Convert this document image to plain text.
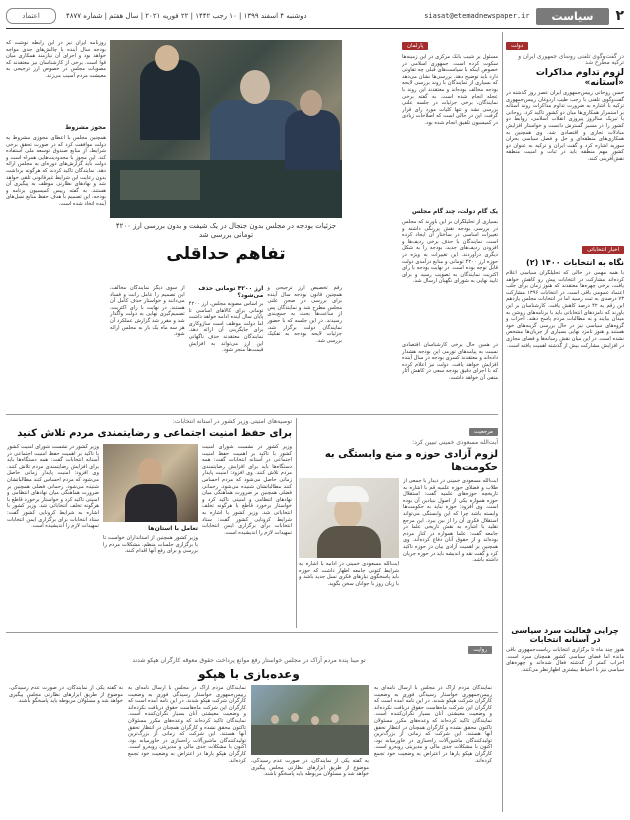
اعتماد	دوشنبه ۴ اسفند ۱۳۹۹ | ۱۰ رجب ۱۴۴۲ | ۲۲ فوریه ۲۰۲۱ | سال هفتم | شماره ۴۸۷۷	siasat@etemadnewspaper.ir	سیاست	۲
دولت
در گفت‌وگوی تلفنی روسای جمهوری ایران و ترکیه مطرح شد
لزوم تداوم مذاکرات «آستانه»
حسن روحانی رییس‌جمهوری ایران عصر روز گذشته در گفت‌وگوی تلفنی با رجب طیب اردوغان رییس‌جمهوری ترکیه با اشاره به ضرورت تداوم مذاکرات روند آستانه بر استمرار همکاری‌ها میان دو کشور تاکید کرد. روحانی با تبریک سالروز پیروزی انقلاب اسلامی، روابط دو کشور را در مسیر گسترش دانست و خواستار افزایش مبادلات تجاری و اقتصادی شد. وی همچنین به همکاری‌های منطقه‌ای و حل و فصل سیاسی بحران سوریه اشاره کرد و گفت ایران و ترکیه به عنوان دو کشور مهم منطقه باید در ثبات و امنیت منطقه نقش‌آفرینی کنند.
اخبار انتخاباتی
نگاه به انتخابات ۱۴۰۰ (۲)
با همه مهمی در حالی که تحلیلگران سیاسی اعلام کرده‌اند مشارکت در انتخابات پیش رو کاهش خواهد یافت، برخی چهره‌ها معتقدند که هنوز زمان برای جلب اعتماد عمومی باقی است. در انتخابات ۱۳۹۶ مشارکت ۷۳ درصدی به ثبت رسید اما در انتخابات مجلس یازدهم این رقم به ۴۲ درصد کاهش یافت. کارشناسان بر این باورند که نامزدهای انتخاباتی باید با برنامه‌های روشن به میدان بیایند و به مطالبات مردم پاسخ دهند. احزاب و گروه‌های سیاسی نیز در حال بررسی گزینه‌های خود هستند و هنوز نامزد نهایی بسیاری از جریان‌ها مشخص نشده است. در این میان نقش رسانه‌ها و فضای مجازی در افزایش مشارکت بیش از گذشته اهمیت یافته است.
چرایی فعالیت سرد سیاسی در آستانه انتخابات
هنوز چند ماه تا برگزاری انتخابات ریاست‌جمهوری باقی مانده اما فضای سیاسی کشور همچنان سرد است. احزاب کمتر از گذشته فعال شده‌اند و چهره‌های سیاسی نیز با احتیاط بیشتری اظهارنظر می‌کنند.
پارلمان
مسئول بر شیب بانک مرکزی در این زمینه‌ها سکوت کرده است. جمهوری اسلامی در خصوص اینکه با سیاست‌های قبلی چه تفاوتی دارد باید توضیح دهد. بررسی‌ها نشان می‌دهد که بسیاری از نمایندگان با روند بررسی لایحه بودجه مخالف بوده‌اند و معتقدند این روند با عجله انجام شده است. به گفته برخی نمایندگان، برخی جزئیات در جلسه علنی بررسی نشد و تنها کلیات مورد رای قرار گرفت. این در حالی است که اصلاحات زیادی در کمیسیون تلفیق انجام شده بود.
یک گام دولت، چند گام مجلس
بسیاری از تحلیلگران بر این باورند که مجلس در بررسی بودجه نقش پررنگی داشته و تغییرات اساسی در ساختار آن ایجاد کرده است. نمایندگان با حذف برخی ردیف‌ها و افزودن ردیف‌های جدید، بودجه را به شکل دیگری درآوردند. این تغییرات به ویژه در حوزه ارز ۴۲۰۰ تومانی و منابع درآمدی دولت قابل توجه بوده است. در نهایت بودجه با رای اکثریت نمایندگان به تصویب رسید و برای تایید نهایی به شورای نگهبان ارسال شد.
در همین حال برخی کارشناسان اقتصادی نسبت به پیامدهای تورمی این بودجه هشدار داده‌اند و معتقدند کسری بودجه در سال آینده افزایش خواهد یافت. دولت نیز اعلام کرده که با اجرای دقیق بودجه سعی در کاهش آثار منفی آن خواهد داشت.
روزنامه ایران نیز در این رابطه نوشت که بودجه سال آینده با چالش‌های جدی مواجه خواهد بود و اجرای آن نیازمند همکاری میان قوا است. برخی از کارشناسان نیز معتقدند که مصوبات مجلس در خصوص ارز ترجیحی به معیشت مردم آسیب می‌زند.
مجوز مشروط
همچنین مجلس با اعطای مجوزی مشروط به دولت موافقت کرد که در صورت تحقق برخی شرایط، از منابع صندوق توسعه ملی استفاده کند. این مجوز با محدودیت‌هایی همراه است و دولت باید گزارش‌های دوره‌ای به مجلس ارائه دهد. نمایندگان تاکید کردند که هرگونه برداشت بدون رعایت این شرایط غیرقانونی تلقی خواهد شد و نهادهای نظارتی موظف به پیگیری آن هستند. به گفته رییس کمیسیون برنامه و بودجه، این تصمیم با هدف حفظ منابع نسل‌های آینده اتخاذ شده است.
جزئیات بودجه در مجلس بدون جنجال در یک شیفت و بدون بررسی ارز ۴۲۰۰ تومانی بررسی شد
تفاهم حداقلی
رقم تخصیص ارز ترجیحی و همچنین قانون بودجه سال آینده برای بررسی در صحن علنی مجلس مطرح شد و نمایندگان پس از ساعت‌ها بحث به جمع‌بندی رسیدند. در این جلسه که با حضور نمایندگان دولت برگزار شد، جزئیات لایحه بودجه به تفکیک بررسی شد.
ارز ۴۲۰۰ تومانی حذف می‌شود؟
بر اساس مصوبه مجلس، ارز ۴۲۰۰ تومانی برای کالاهای اساسی تا پایان سال آینده ادامه خواهد داشت اما دولت موظف است سازوکاری برای جایگزینی آن ارائه دهد. نمایندگان معتقدند حذف ناگهانی این ارز می‌تواند به افزایش قیمت‌ها منجر شود.
از سوی دیگر نمایندگان مخالف، این تصمیم را عامل رانت و فساد می‌دانند و خواستار حذف کامل آن هستند. در نهایت با رای اکثریت، تصمیم‌گیری نهایی به دولت واگذار شد و مقرر شد گزارش عملکرد آن هر سه ماه یک بار به مجلس ارائه شود.
مرجعیت
آیت‌الله مسعودی خمینی تبیین کرد:
لزوم آزادی حوزه و منع وابستگی به حکومت‌ها
آیت‌الله مسعودی خمینی در دیدار با جمعی از طلاب و فضلای حوزه علمیه قم با اشاره به تاریخچه حوزه‌های علمیه گفت: استقلال حوزه همواره یکی از اصول بنیادین آن بوده است. وی افزود: حوزه نباید به حکومت‌ها وابسته باشد چرا که این وابستگی می‌تواند استقلال فکری آن را از بین ببرد. این مرجع تقلید با اشاره به نقش تاریخی علما در جامعه گفت: علما همواره در کنار مردم بوده‌اند و از حقوق آنان دفاع کرده‌اند. وی همچنین بر اهمیت آزادی بیان در حوزه تاکید کرد و گفت نقد و اندیشه باید در حوزه جریان داشته باشد.
آیت‌الله مسعودی خمینی در ادامه با اشاره به شرایط کنونی جامعه اظهار داشت که حوزه باید پاسخگوی نیازهای فکری نسل جدید باشد و با زبان روز با جوانان سخن بگوید.
توصیه‌های امنیتی وزیر کشور در آستانه انتخابات:
برای حفظ امنیت اجتماعی و رضایتمندی مردم تلاش کنید
وزیر کشور در نشست شورای امنیت کشور با تاکید بر اهمیت حفظ امنیت اجتماعی در آستانه انتخابات گفت: همه دستگاه‌ها باید برای افزایش رضایتمندی مردم تلاش کنند. وی افزود: امنیت پایدار زمانی حاصل می‌شود که مردم احساس کنند مطالباتشان شنیده می‌شود. رحمانی فضلی همچنین بر ضرورت هماهنگی میان نهادهای انتظامی و امنیتی تاکید کرد و خواستار برخورد قاطع با هرگونه تخلف انتخاباتی شد. وزیر کشور با اشاره به شرایط کرونایی کشور گفت: ستاد انتخابات برای برگزاری ایمن انتخابات تمهیدات لازم را اندیشیده است.
تعامل با استان‌ها
وزیر کشور همچنین از استانداران خواست تا با برگزاری جلسات منظم، مشکلات مردم را بررسی و برای رفع آنها اقدام کنند.
وزیر کشور در نشست شورای امنیت کشور با تاکید بر اهمیت حفظ امنیت اجتماعی در آستانه انتخابات گفت: همه دستگاه‌ها باید برای افزایش رضایتمندی مردم تلاش کنند. وی افزود: امنیت پایدار زمانی حاصل می‌شود که مردم احساس کنند مطالباتشان شنیده می‌شود. رحمانی فضلی همچنین بر ضرورت هماهنگی میان نهادهای انتظامی و امنیتی تاکید کرد و خواستار برخورد قاطع با هرگونه تخلف انتخاباتی شد. وزیر کشور با اشاره به شرایط کرونایی کشور گفت: ستاد انتخابات برای برگزاری ایمن انتخابات تمهیدات لازم را اندیشیده است.
روایت
تو مینا پنده مردم آراک در مجلس خواستار رفع موانع پرداخت حقوق معوقه کارگران هپکو شدند
وعده‌بازی با هپکو
نمایندگان مردم آراک در مجلس با ارسال نامه‌ای به رییس‌جمهوری خواستار رسیدگی فوری به وضعیت کارگران شرکت هپکو شدند. در این نامه آمده است که کارگران این شرکت ماه‌هاست حقوق دریافت نکرده‌اند و وضعیت معیشتی آنان بسیار نگران‌کننده است. نمایندگان تاکید کرده‌اند که وعده‌های مکرر مسئولان تاکنون محقق نشده و کارگران همچنان در انتظار تحقق آنها هستند. این شرکت که زمانی از بزرگ‌ترین تولیدکنندگان ماشین‌آلات راه‌سازی در خاورمیانه بود، اکنون با مشکلات جدی مالی و مدیریتی روبه‌رو است. کارگران هپکو بارها در اعتراض به وضعیت خود تجمع کرده‌اند.
به گفته یکی از نمایندگان، در صورت عدم رسیدگی، موضوع از طریق ابزارهای نظارتی مجلس پیگیری خواهد شد و مسئولان مربوطه باید پاسخگو باشند.
نمایندگان مردم آراک در مجلس با ارسال نامه‌ای به رییس‌جمهوری خواستار رسیدگی فوری به وضعیت کارگران شرکت هپکو شدند. در این نامه آمده است که کارگران این شرکت ماه‌هاست حقوق دریافت نکرده‌اند و وضعیت معیشتی آنان بسیار نگران‌کننده است. نمایندگان تاکید کرده‌اند که وعده‌های مکرر مسئولان تاکنون محقق نشده و کارگران همچنان در انتظار تحقق آنها هستند. این شرکت که زمانی از بزرگ‌ترین تولیدکنندگان ماشین‌آلات راه‌سازی در خاورمیانه بود، اکنون با مشکلات جدی مالی و مدیریتی روبه‌رو است. کارگران هپکو بارها در اعتراض به وضعیت خود تجمع کرده‌اند.
به گفته یکی از نمایندگان، در صورت عدم رسیدگی، موضوع از طریق ابزارهای نظارتی مجلس پیگیری خواهد شد و مسئولان مربوطه باید پاسخگو باشند.
